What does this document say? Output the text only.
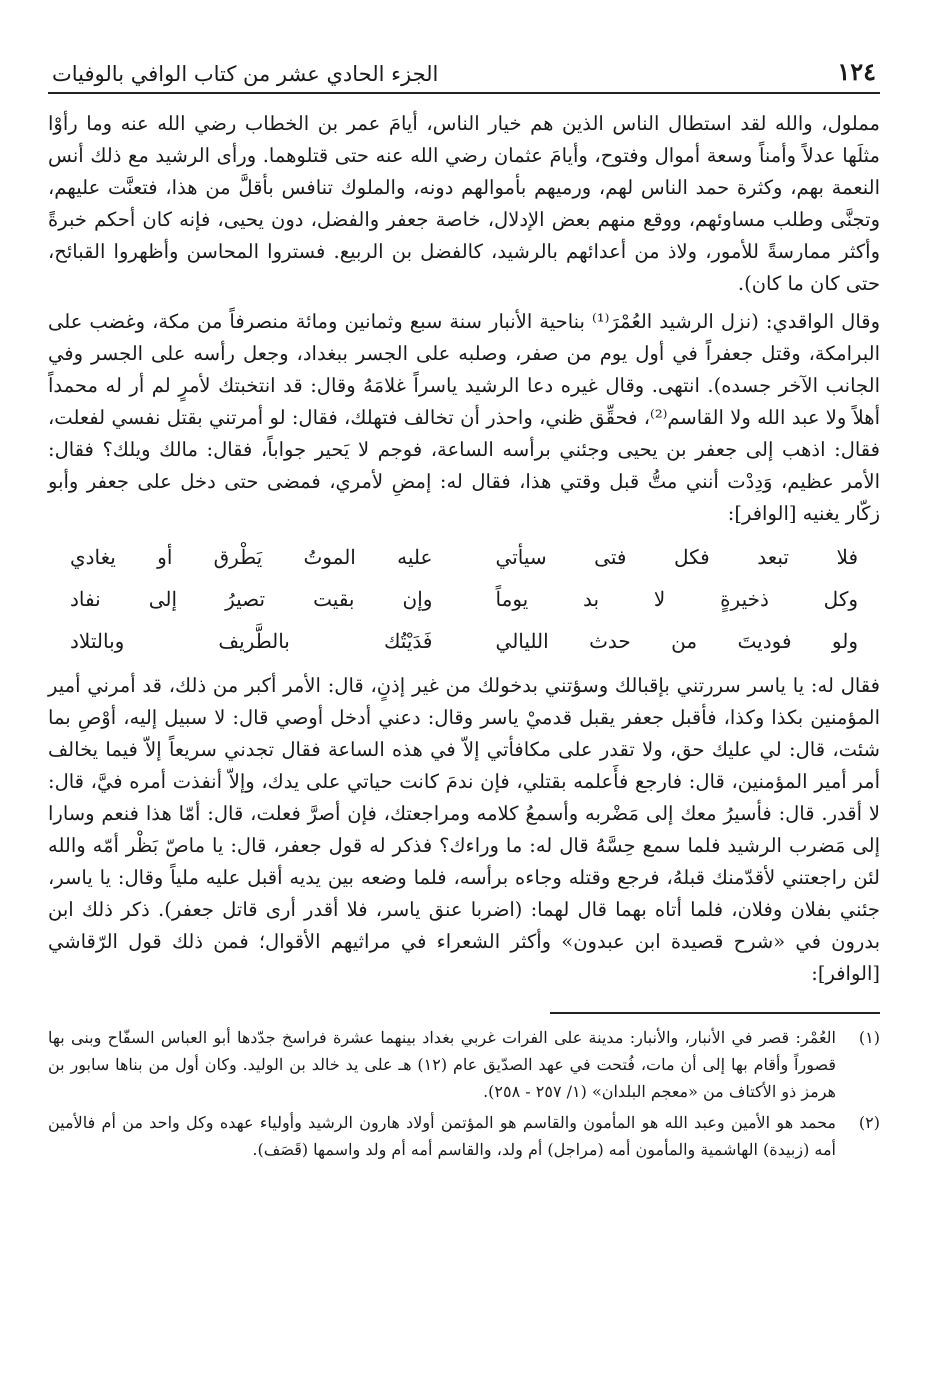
١٢٤
الجزء الحادي عشر من كتاب الوافي بالوفيات

مملول، والله لقد استطال الناس الذين هم خيار الناس، أيامَ عمر بن الخطاب رضي الله عنه وما رأوْا مثلَها عدلاً وأمناً وسعة أموال وفتوح، وأيامَ عثمان رضي الله عنه حتى قتلوهما. ورأى الرشيد مع ذلك أنس النعمة بهم، وكثرة حمد الناس لهم، ورميهم بأموالهم دونه، والملوك تنافس بأقلَّ من هذا، فتعنَّت عليهم، وتجنَّى وطلب مساوئهم، ووقع منهم بعض الإدلال، خاصة جعفر والفضل، دون يحيى، فإنه كان أحكم خبرةً وأكثر ممارسةً للأمور، ولاذ من أعدائهم بالرشيد، كالفضل بن الربيع. فستروا المحاسن وأظهروا القبائح، حتى كان ما كان).

وقال الواقدي: (نزل الرشيد العُمْرَ⁽¹⁾ بناحية الأنبار سنة سبع وثمانين ومائة منصرفاً من مكة، وغضب على البرامكة، وقتل جعفراً في أول يوم من صفر، وصلبه على الجسر ببغداد، وجعل رأسه على الجسر وفي الجانب الآخر جسده). انتهى. وقال غيره دعا الرشيد ياسراً غلامَهُ وقال: قد انتخبتك لأمرٍ لم أر له محمداً أهلاً ولا عبد الله ولا القاسم⁽²⁾، فحقِّق ظني، واحذر أن تخالف فتهلك، فقال: لو أمرتني بقتل نفسي لفعلت، فقال: اذهب إلى جعفر بن يحيى وجئني برأسه الساعة، فوجم لا يَحير جواباً، فقال: مالك ويلك؟ فقال: الأمر عظيم، وَدِدْت أنني متُّ قبل وقتي هذا، فقال له: إمضِ لأمري، فمضى حتى دخل على جعفر وأبو زكّار يغنيه [الوافر]:

فلا تبعد فكل فتى سيأتي
عليه الموتُ يَطْرق أو يغادي
وكل ذخيرةٍ لا بد يوماً
وإن بقيت تصيرُ إلى نفاد
ولو فوديتَ من حدث الليالي
فَدَيْتُك بالطَّريف وبالتلاد

فقال له: يا ياسر سررتني بإقبالك وسؤتني بدخولك من غير إذنٍ، قال: الأمر أكبر من ذلك، قد أمرني أمير المؤمنين بكذا وكذا، فأقبل جعفر يقبل قدميْ ياسر وقال: دعني أدخل أوصي قال: لا سبيل إليه، أوْصِ بما شئت، قال: لي عليك حق، ولا تقدر على مكافأتي إلاّ في هذه الساعة فقال تجدني سريعاً إلاّ فيما يخالف أمر أمير المؤمنين، قال: فارجع فأَعلمه بقتلي، فإن ندمَ كانت حياتي على يدك، وإلاّ أنفذت أمره فيَّ، قال: لا أقدر. قال: فأسيرُ معك إلى مَضْربه وأسمعُ كلامه ومراجعتك، فإن أصرَّ فعلت، قال: أمّا هذا فنعم وسارا إلى مَضرب الرشيد فلما سمع حِسَّهُ قال له: ما وراءك؟ فذكر له قول جعفر، قال: يا ماصّ بَظْر أمّه والله لئن راجعتني لأقدّمنك قبلهُ، فرجع وقتله وجاءه برأسه، فلما وضعه بين يديه أقبل عليه ملياً وقال: يا ياسر، جئني بفلان وفلان، فلما أتاه بهما قال لهما: (اضربا عنق ياسر، فلا أقدر أرى قاتل جعفر). ذكر ذلك ابن بدرون في «شرح قصيدة ابن عبدون» وأكثر الشعراء في مراثيهم الأقوال؛ فمن ذلك قول الرّقاشي [الوافر]:

(١)

العُمْر: قصر في الأنبار، والأنبار: مدينة على الفرات غربي بغداد بينهما عشرة فراسخ جدّدها أبو العباس السفّاح وبنى بها قصوراً وأقام بها إلى أن مات، فُتحت في عهد الصدّيق عام (١٢) هـ على يد خالد بن الوليد. وكان أول من بناها سابور بن هرمز ذو الأكتاف من «معجم البلدان» (١/ ٢٥٧ - ٢٥٨).

(٢)

محمد هو الأمين وعبد الله هو المأمون والقاسم هو المؤتمن أولاد هارون الرشيد وأولياء عهده وكل واحد من أم فالأمين أمه (زبيدة) الهاشمية والمأمون أمه (مراجل) أم ولد، والقاسم أمه أم ولد واسمها (قَصَف).
